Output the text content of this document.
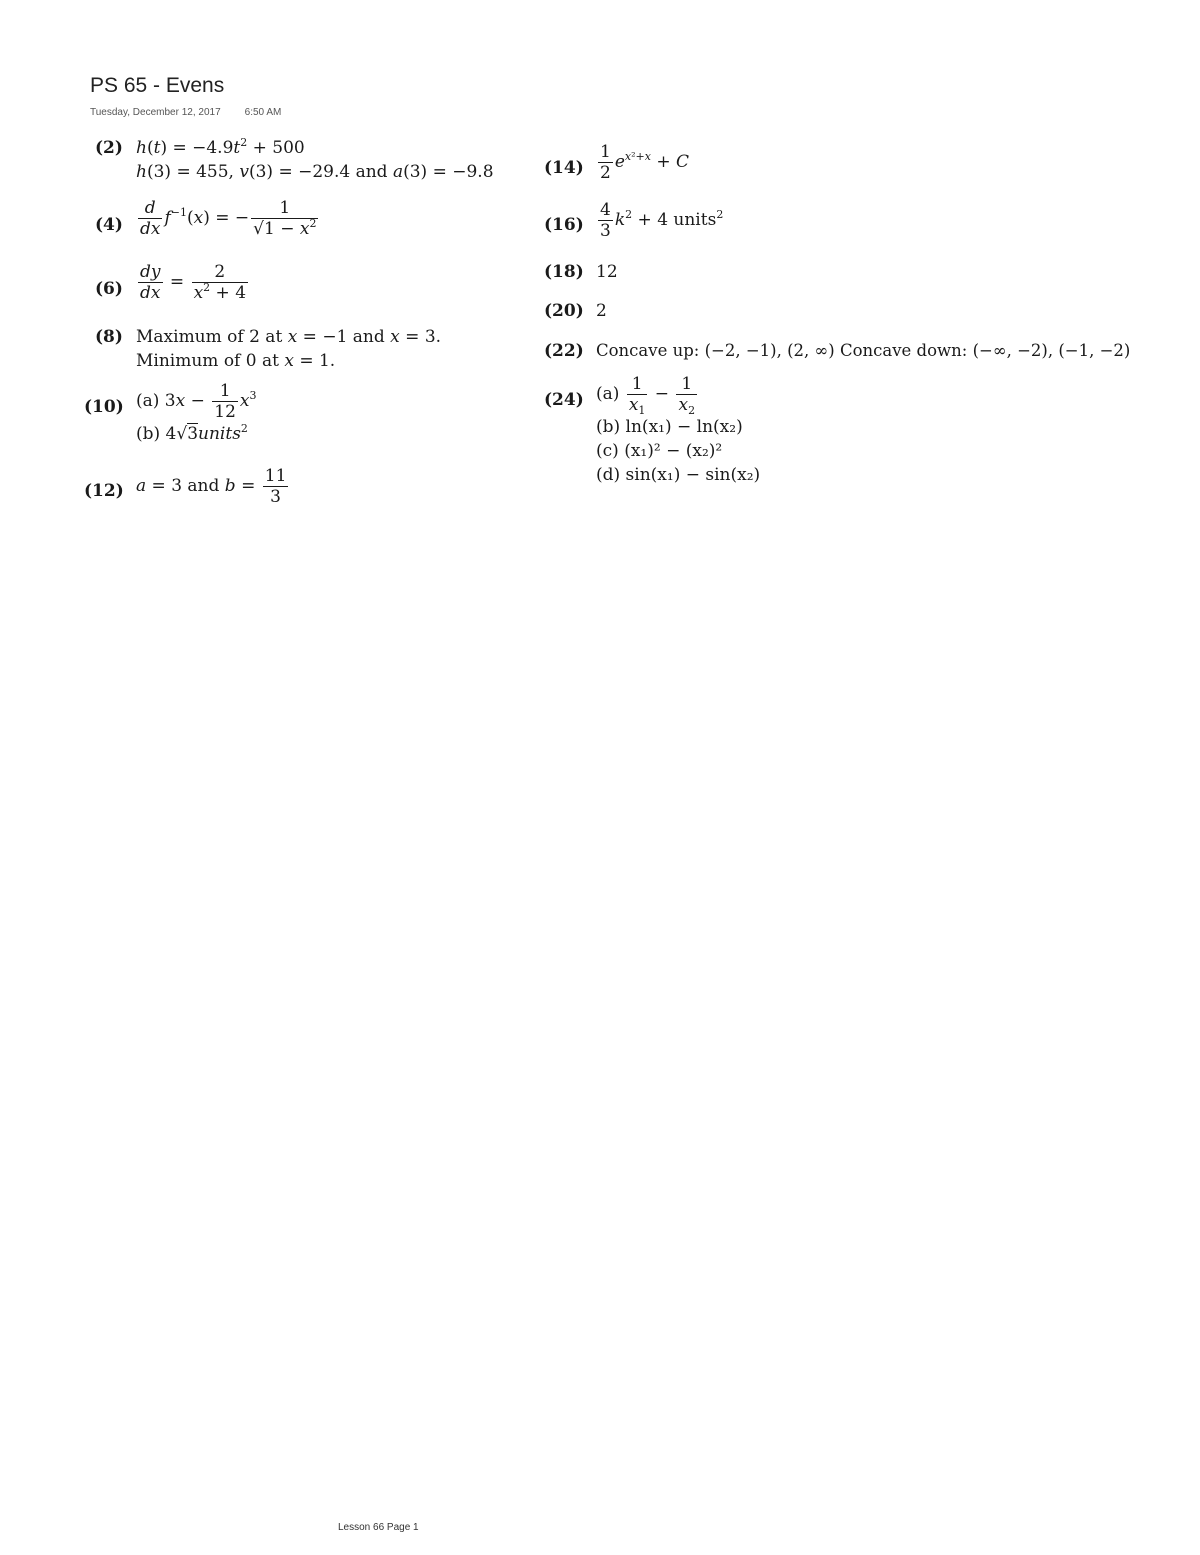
PS 65 - Evens
Tuesday, December 12, 2017 6:50 AM
(2) $h(t) = -4.9t^2 + 500$
h(3) = 455, v(3) = −29.4 and a(3) = −9.8
$(4) \frac{d}{dx} f^{-1}(x)$ = − $\frac{1}{√1 - x^2}$
$(6) \frac{dy}{dx} = \frac{2}{x^2 + 4}$
(8) Maximum of 2 at x = −1 and x = 3.
Minimum of 0 at x = 1.
(10) (a) $3x - \frac{1}{12} x^3$
(b) 4√3units$^2$
(12) a = 3 and $b = \frac{11}{3}$
$(14) \frac{1}{2} e^{x^2+x} + C$
$(16) \frac{4}{3} k^2 + 4$ units$^2$
(18) 12
(20) 2
(22) Concave up: (−2, −1), (2, ∞) Concave down: (−∞, −2), (−1, −2)
(24) $(a) \frac{1}{x_1} - \frac{1}{x_2}$
(b) ln(x₁) − ln(x₂)
(c) (x₁)² − (x₂)²
(d) sin(x₁) − sin(x₂)
Lesson 66 Page 1
